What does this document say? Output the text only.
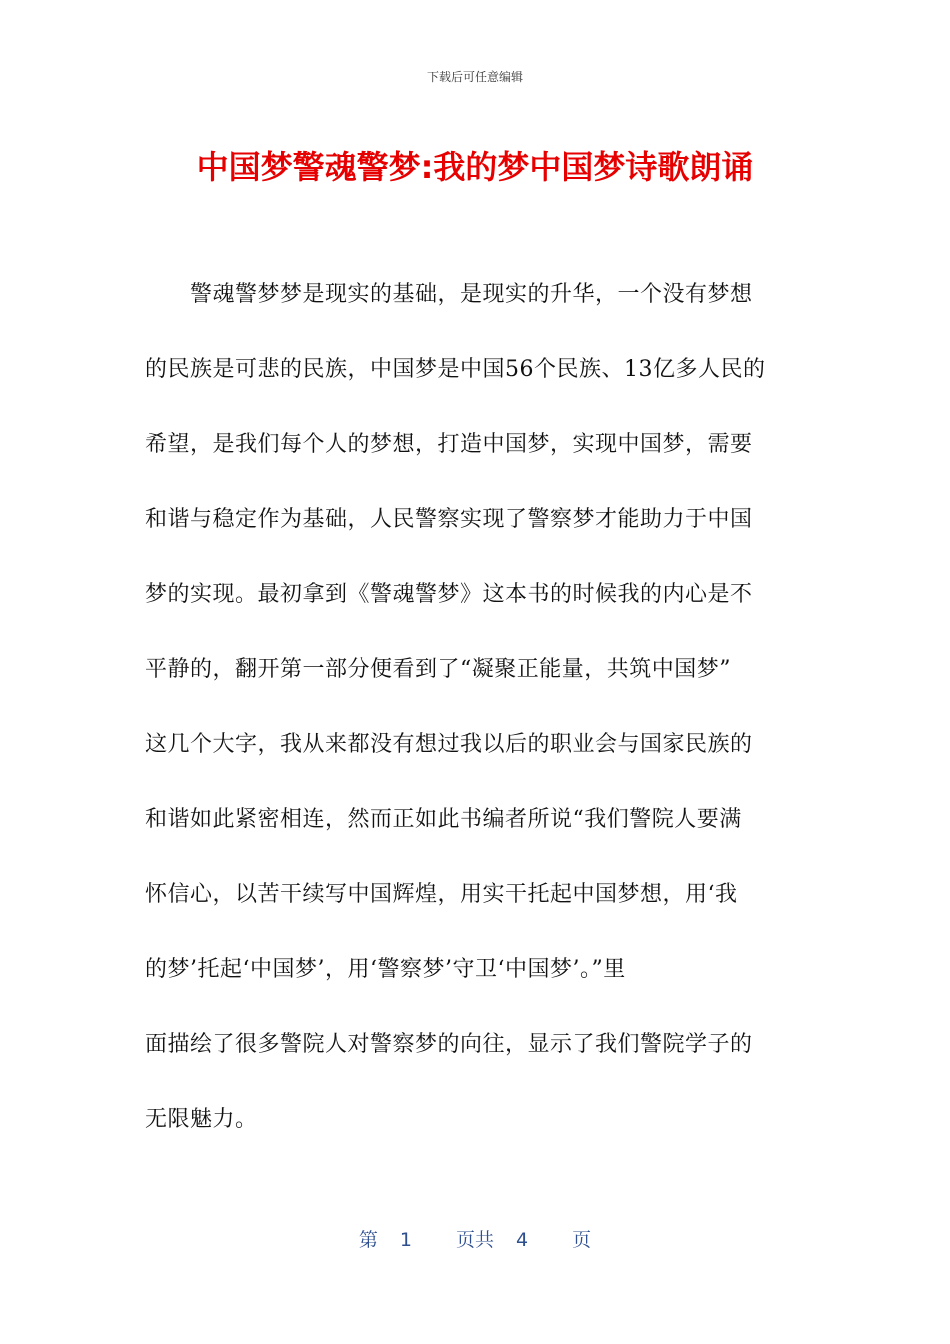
下载后可任意编辑
中国梦警魂警梦:我的梦中国梦诗歌朗诵
　　警魂警梦梦是现实的基础，是现实的升华，一个没有梦想
的民族是可悲的民族，中国梦是中国56个民族、13亿多人民的
希望，是我们每个人的梦想，打造中国梦，实现中国梦，需要
和谐与稳定作为基础，人民警察实现了警察梦才能助力于中国
梦的实现。最初拿到《警魂警梦》这本书的时候我的内心是不
平静的，翻开第一部分便看到了“凝聚正能量，共筑中国梦”
这几个大字，我从来都没有想过我以后的职业会与国家民族的
和谐如此紧密相连，然而正如此书编者所说“我们警院人要满
怀信心，以苦干续写中国辉煌，用实干托起中国梦想，用‘我
的梦’托起‘中国梦’，用‘警察梦’守卫‘中国梦’。”里
面描绘了很多警院人对警察梦的向往，显示了我们警院学子的
无限魅力。
第 1 页共 4 页
